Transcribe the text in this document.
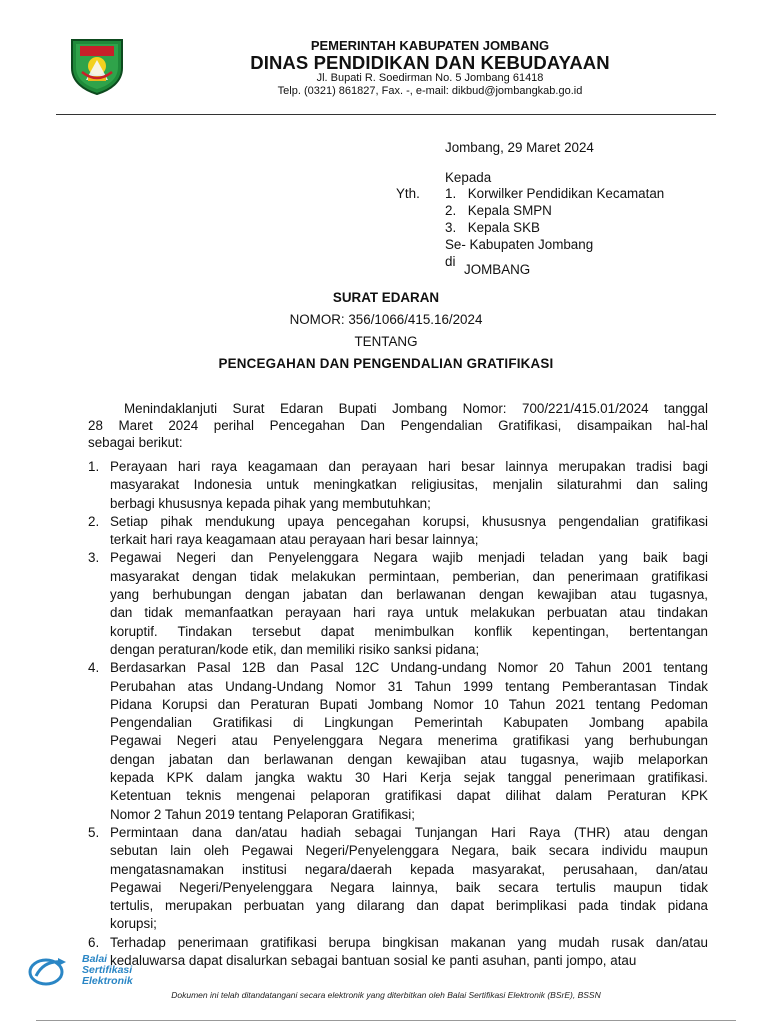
PEMERINTAH KABUPATEN JOMBANG
DINAS PENDIDIKAN DAN KEBUDAYAAN
Jl. Bupati R. Soedirman No. 5 Jombang 61418
Telp. (0321) 861827, Fax. -, e-mail: dikbud@jombangkab.go.id
Jombang, 29 Maret 2024
Kepada
Yth. 1. Korwilker Pendidikan Kecamatan
2. Kepala SMPN
3. Kepala SKB
Se- Kabupaten Jombang
di
JOMBANG
SURAT EDARAN
NOMOR: 356/1066/415.16/2024
TENTANG
PENCEGAHAN DAN PENGENDALIAN GRATIFIKASI
Menindaklanjuti Surat Edaran Bupati Jombang Nomor: 700/221/415.01/2024 tanggal
28 Maret 2024 perihal Pencegahan Dan Pengendalian Gratifikasi, disampaikan hal-hal
sebagai berikut:
1. Perayaan hari raya keagamaan dan perayaan hari besar lainnya merupakan tradisi bagi
masyarakat Indonesia untuk meningkatkan religiusitas, menjalin silaturahmi dan saling
berbagi khususnya kepada pihak yang membutuhkan;
2. Setiap pihak mendukung upaya pencegahan korupsi, khususnya pengendalian gratifikasi
terkait hari raya keagamaan atau perayaan hari besar lainnya;
3. Pegawai Negeri dan Penyelenggara Negara wajib menjadi teladan yang baik bagi
masyarakat dengan tidak melakukan permintaan, pemberian, dan penerimaan gratifikasi
yang berhubungan dengan jabatan dan berlawanan dengan kewajiban atau tugasnya,
dan tidak memanfaatkan perayaan hari raya untuk melakukan perbuatan atau tindakan
koruptif. Tindakan tersebut dapat menimbulkan konflik kepentingan, bertentangan
dengan peraturan/kode etik, dan memiliki risiko sanksi pidana;
4. Berdasarkan Pasal 12B dan Pasal 12C Undang-undang Nomor 20 Tahun 2001 tentang
Perubahan atas Undang-Undang Nomor 31 Tahun 1999 tentang Pemberantasan Tindak
Pidana Korupsi dan Peraturan Bupati Jombang Nomor 10 Tahun 2021 tentang Pedoman
Pengendalian Gratifikasi di Lingkungan Pemerintah Kabupaten Jombang apabila
Pegawai Negeri atau Penyelenggara Negara menerima gratifikasi yang berhubungan
dengan jabatan dan berlawanan dengan kewajiban atau tugasnya, wajib melaporkan
kepada KPK dalam jangka waktu 30 Hari Kerja sejak tanggal penerimaan gratifikasi.
Ketentuan teknis mengenai pelaporan gratifikasi dapat dilihat dalam Peraturan KPK
Nomor 2 Tahun 2019 tentang Pelaporan Gratifikasi;
5. Permintaan dana dan/atau hadiah sebagai Tunjangan Hari Raya (THR) atau dengan
sebutan lain oleh Pegawai Negeri/Penyelenggara Negara, baik secara individu maupun
mengatasnamakan institusi negara/daerah kepada masyarakat, perusahaan, dan/atau
Pegawai Negeri/Penyelenggara Negara lainnya, baik secara tertulis maupun tidak
tertulis, merupakan perbuatan yang dilarang dan dapat berimplikasi pada tindak pidana
korupsi;
6. Terhadap penerimaan gratifikasi berupa bingkisan makanan yang mudah rusak dan/atau
kedaluwarsa dapat disalurkan sebagai bantuan sosial ke panti asuhan, panti jompo, atau
Balai
Sertifikasi
Elektronik
Dokumen ini telah ditandatangani secara elektronik yang diterbitkan oleh Balai Sertifikasi Elektronik (BSrE), BSSN
